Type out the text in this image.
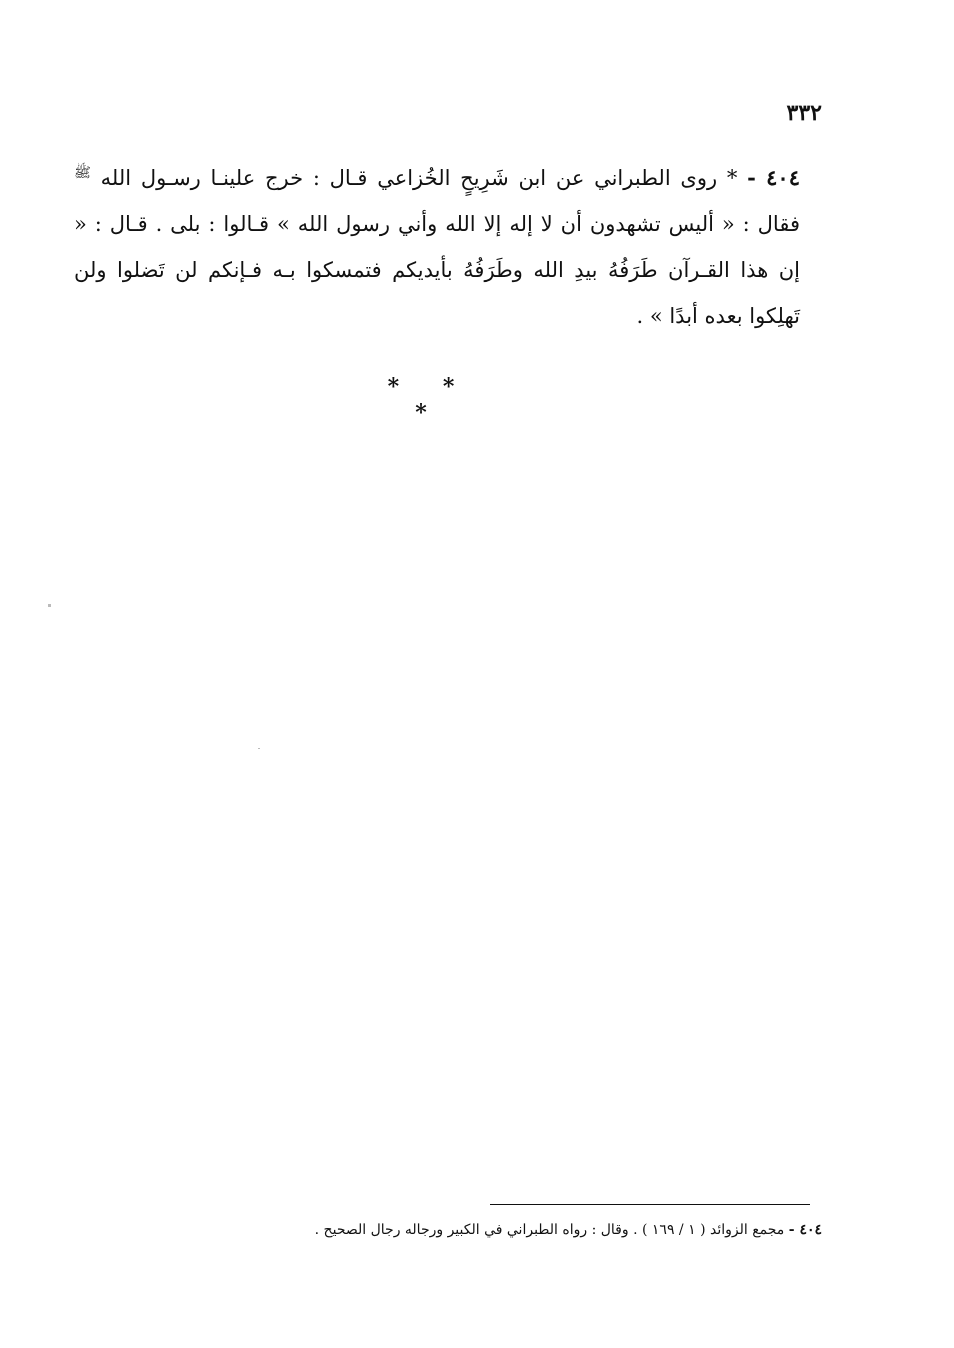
٣٣٢
٤٠٤ - * روى الطبراني عن ابن شَرِيحٍ الخُزاعي قـال : خرج علينـا رسـول الله $^ﷺ$ فقال : « أليس تشهدون أن لا إله إلا الله وأني رسول الله » قـالوا : بلى . قـال : « إن هذا القـرآن طَرَفُهُ بيدِ الله وطَرَفُهُ بأيديكم فتمسكوا بـه فـإنكم لن تَضلوا ولن تَهلِكوا بعده أبدًا » .
* * *
٤٠٤ - مجمع الزوائد ( ١ / ١٦٩ ) . وقال : رواه الطبراني في الكبير ورجاله رجال الصحيح .
